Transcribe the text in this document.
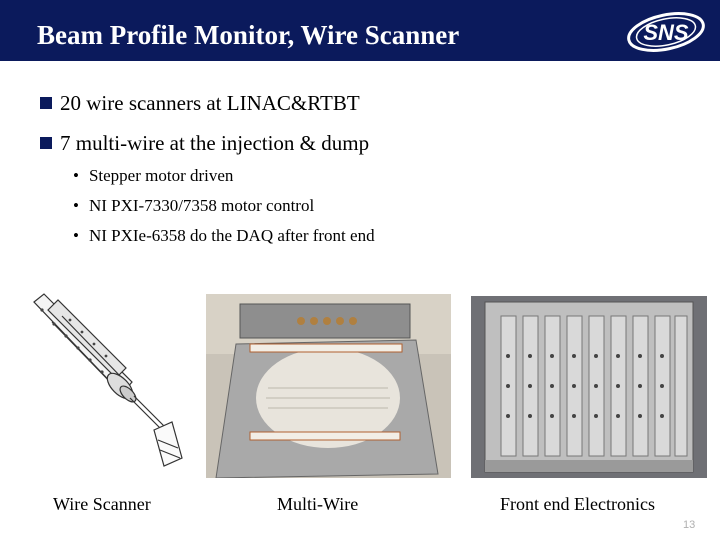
Beam Profile Monitor, Wire Scanner	SNS
20 wire scanners at LINAC&RTBT
7 multi-wire at the injection & dump
• Stepper motor driven
• NI PXI-7330/7358 motor control
• NI PXIe-6358 do the DAQ after front end
Wire Scanner	Multi-Wire	Front end Electronics
13
